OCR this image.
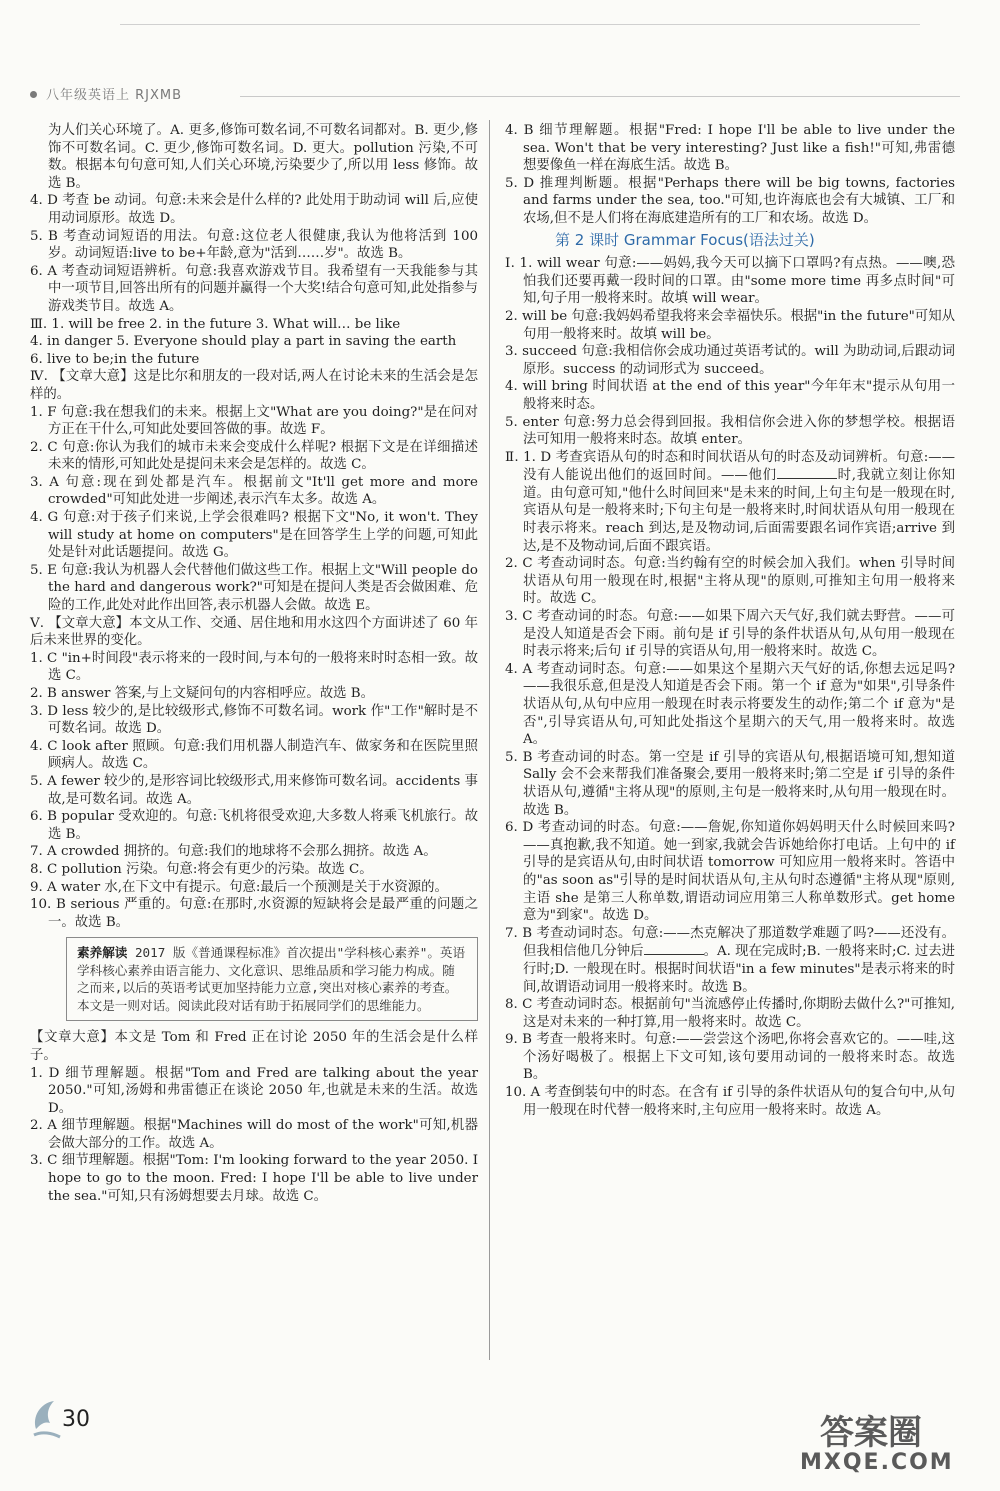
八年级英语上 RJXMB
为人们关心环境了。A. 更多,修饰可数名词,不可数名词都对。B. 更少,修饰不可数名词。C. 更少,修饰可数名词。D. 更大。pollution 污染,不可数。根据本句句意可知,人们关心环境,污染要少了,所以用 less 修饰。故选 B。
4. D 考查 be 动词。句意:未来会是什么样的? 此处用于助动词 will 后,应使用动词原形。故选 D。
5. B 考查动词短语的用法。句意:这位老人很健康,我认为他将活到 100 岁。动词短语:live to be+年龄,意为"活到……岁"。故选 B。
6. A 考查动词短语辨析。句意:我喜欢游戏节目。我希望有一天我能参与其中一项节目,回答出所有的问题并赢得一个大奖!结合句意可知,此处指参与游戏类节目。故选 A。
Ⅲ. 1. will be free 2. in the future 3. What will… be like
4. in danger 5. Everyone should play a part in saving the earth
6. live to be;in the future
Ⅳ. 【文章大意】这是比尔和朋友的一段对话,两人在讨论未来的生活会是怎样的。
1. F 句意:我在想我们的未来。根据上文"What are you doing?"是在问对方正在干什么,可知此处要回答做的事。故选 F。
2. C 句意:你认为我们的城市未来会变成什么样呢? 根据下文是在详细描述未来的情形,可知此处是提问未来会是怎样的。故选 C。
3. A 句意:现在到处都是汽车。根据前文"It'll get more and more crowded"可知此处进一步阐述,表示汽车太多。故选 A。
4. G 句意:对于孩子们来说,上学会很难吗? 根据下文"No, it won't. They will study at home on computers"是在回答学生上学的问题,可知此处是针对此话题提问。故选 G。
5. E 句意:我认为机器人会代替他们做这些工作。根据上文"Will people do the hard and dangerous work?"可知是在提问人类是否会做困难、危险的工作,此处对此作出回答,表示机器人会做。故选 E。
Ⅴ. 【文章大意】本文从工作、交通、居住地和用水这四个方面讲述了 60 年后未来世界的变化。
1. C "in+时间段"表示将来的一段时间,与本句的一般将来时时态相一致。故选 C。
2. B answer 答案,与上文疑问句的内容相呼应。故选 B。
3. D less 较少的,是比较级形式,修饰不可数名词。work 作"工作"解时是不可数名词。故选 D。
4. C look after 照顾。句意:我们用机器人制造汽车、做家务和在医院里照顾病人。故选 C。
5. A fewer 较少的,是形容词比较级形式,用来修饰可数名词。accidents 事故,是可数名词。故选 A。
6. B popular 受欢迎的。句意:飞机将很受欢迎,大多数人将乘飞机旅行。故选 B。
7. A crowded 拥挤的。句意:我们的地球将不会那么拥挤。故选 A。
8. C pollution 污染。句意:将会有更少的污染。故选 C。
9. A water 水,在下文中有提示。句意:最后一个预测是关于水资源的。
10. B serious 严重的。句意:在那时,水资源的短缺将会是最严重的问题之一。故选 B。
素养解读 2017 版《普通课程标准》首次提出"学科核心素养"。英语学科核心素养由语言能力、文化意识、思维品质和学习能力构成。随之而来,以后的英语考试更加坚持能力立意,突出对核心素养的考查。本文是一则对话。阅读此段对话有助于拓展同学们的思维能力。
【文章大意】本文是 Tom 和 Fred 正在讨论 2050 年的生活会是什么样子。
1. D 细节理解题。根据"Tom and Fred are talking about the year 2050."可知,汤姆和弗雷德正在谈论 2050 年,也就是未来的生活。故选 D。
2. A 细节理解题。根据"Machines will do most of the work"可知,机器会做大部分的工作。故选 A。
3. C 细节理解题。根据"Tom: I'm looking forward to the year 2050. I hope to go to the moon. Fred: I hope I'll be able to live under the sea."可知,只有汤姆想要去月球。故选 C。
4. B 细节理解题。根据"Fred: I hope I'll be able to live under the sea. Won't that be very interesting? Just like a fish!"可知,弗雷德想要像鱼一样在海底生活。故选 B。
5. D 推理判断题。根据"Perhaps there will be big towns, factories and farms under the sea, too."可知,也许海底也会有大城镇、工厂和农场,但不是人们将在海底建造所有的工厂和农场。故选 D。
第 2 课时 Grammar Focus(语法过关)
Ⅰ. 1. will wear 句意:——妈妈,我今天可以摘下口罩吗?有点热。——噢,恐怕我们还要再戴一段时间的口罩。由"some more time 再多点时间"可知,句子用一般将来时。故填 will wear。
2. will be 句意:我妈妈希望我将来会幸福快乐。根据"in the future"可知从句用一般将来时。故填 will be。
3. succeed 句意:我相信你会成功通过英语考试的。will 为助动词,后跟动词原形。success 的动词形式为 succeed。
4. will bring 时间状语 at the end of this year"今年年末"提示从句用一般将来时态。
5. enter 句意:努力总会得到回报。我相信你会进入你的梦想学校。根据语法可知用一般将来时态。故填 enter。
Ⅱ. 1. D 考查宾语从句的时态和时间状语从句的时态及动词辨析。句意:——没有人能说出他们的返回时间。——他们	时,我就立刻让你知道。由句意可知,"他什么时间回来"是未来的时间,上句主句是一般现在时,宾语从句是一般将来时;下句主句是一般将来时,时间状语从句用一般现在时表示将来。reach 到达,是及物动词,后面需要跟名词作宾语;arrive 到达,是不及物动词,后面不跟宾语。
2. C 考查动词时态。句意:当约翰有空的时候会加入我们。when 引导时间状语从句用一般现在时,根据"主将从现"的原则,可推知主句用一般将来时。故选 C。
3. C 考查动词的时态。句意:——如果下周六天气好,我们就去野营。——可是没人知道是否会下雨。前句是 if 引导的条件状语从句,从句用一般现在时表示将来;后句 if 引导的宾语从句,用一般将来时。故选 C。
4. A 考查动词时态。句意:——如果这个星期六天气好的话,你想去远足吗?——我很乐意,但是没人知道是否会下雨。第一个 if 意为"如果",引导条件状语从句,从句中应用一般现在时表示将要发生的动作;第二个 if 意为"是否",引导宾语从句,可知此处指这个星期六的天气,用一般将来时。故选 A。
5. B 考查动词的时态。第一空是 if 引导的宾语从句,根据语境可知,想知道 Sally 会不会来帮我们准备聚会,要用一般将来时;第二空是 if 引导的条件状语从句,遵循"主将从现"的原则,主句是一般将来时,从句用一般现在时。故选 B。
6. D 考查动词的时态。句意:——詹妮,你知道你妈妈明天什么时候回来吗?——真抱歉,我不知道。她一到家,我就会告诉她给你打电话。上句中的 if 引导的是宾语从句,由时间状语 tomorrow 可知应用一般将来时。答语中的"as soon as"引导的是时间状语从句,主从句时态遵循"主将从现"原则,主语 she 是第三人称单数,谓语动词应用第三人称单数形式。get home 意为"到家"。故选 D。
7. B 考查动词时态。句意:——杰克解决了那道数学难题了吗?——还没有。但我相信他几分钟后	。A. 现在完成时;B. 一般将来时;C. 过去进行时;D. 一般现在时。根据时间状语"in a few minutes"是表示将来的时间,故谓语动词用一般将来时。故选 B。
8. C 考查动词时态。根据前句"当流感停止传播时,你期盼去做什么?"可推知,这是对未来的一种打算,用一般将来时。故选 C。
9. B 考查一般将来时。句意:——尝尝这个汤吧,你将会喜欢它的。——哇,这个汤好喝极了。根据上下文可知,该句要用动词的一般将来时态。故选 B。
10. A 考查倒装句中的时态。在含有 if 引导的条件状语从句的复合句中,从句用一般现在时代替一般将来时,主句应用一般将来时。故选 A。
30	答案圈
MXQE.COM
